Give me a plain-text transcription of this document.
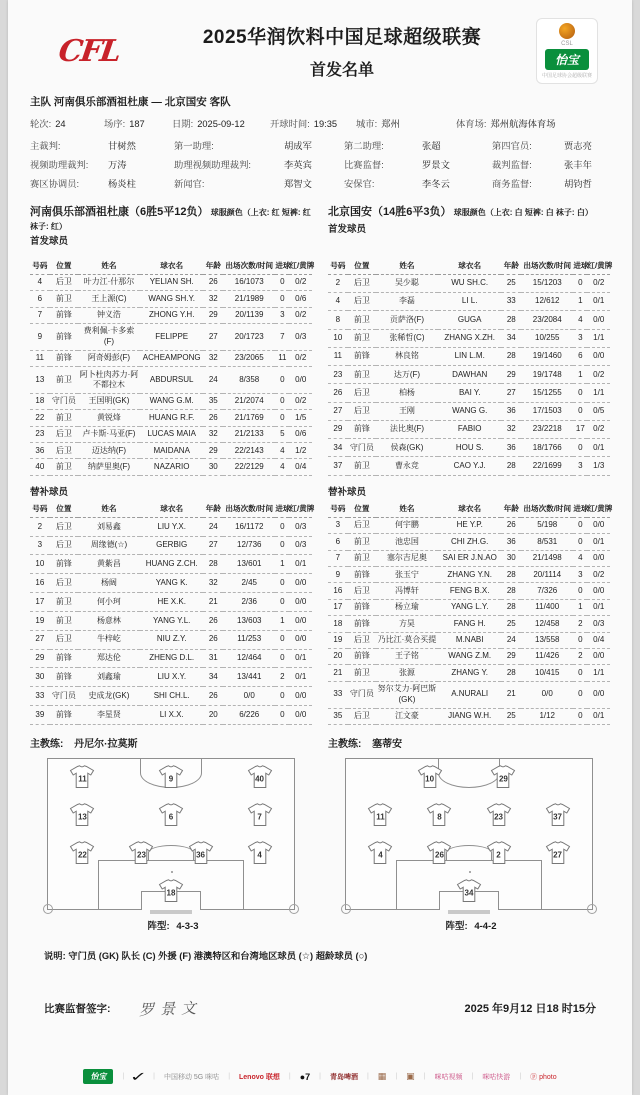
CFL	2025华润饮料中国足球超级联赛
首发名单
CSL
怡宝
中国足球协会超级联赛
主队 河南俱乐部酒祖杜康 — 北京国安 客队
轮次: 24	场序: 187	日期: 2025-09-12	开球时间: 19:35	城市: 郑州	体育场: 郑州航海体育场
主裁判:	甘树然	第一助理:	胡成军	第二助理:	张超	第四官员:	贾志亮
视频助理裁判:	万涛	助理视频助理裁判:	李英宾	比赛监督:	罗景文	裁判监督:	张丰年
赛区协调员:	杨炎柱	新闻官:	郑智文	安保官:	李冬云	商务监督:	胡钧哲
河南俱乐部酒祖杜康（6胜5平12负） 球服颜色（上衣: 红 短裤: 红 袜子: 红）
首发球员
北京国安（14胜6平3负） 球服颜色（上衣: 白 短裤: 白 袜子: 白）
首发球员
号码	位置	姓名	球衣名	年龄	出场次数/时间	进球	红/黄牌
4	后卫	叶力江·什那尔	YELIAN SH.	26	16/1073	0	0/2
6	前卫	王上源(C)	WANG SH.Y.	32	21/1989	0	0/6
7	前锋	钟义浩	ZHONG Y.H.	29	20/1139	3	0/2
9	前锋	费利佩·卡多索(F)	FELIPPE	27	20/1723	7	0/3
11	前锋	阿奇姆彭(F)	ACHEAMPONG	32	23/2065	11	0/2
13	前卫	阿卜杜肉苏力·阿不都拉木	ABDURSUL	24	8/358	0	0/0
18	守门员	王国明(GK)	WANG G.M.	35	21/2074	0	0/2
22	前卫	黄锐烽	HUANG R.F.	26	21/1769	0	1/5
23	后卫	卢卡斯·马亚(F)	LUCAS MAIA	32	21/2133	5	0/6
36	后卫	迈达纳(F)	MAIDANA	29	22/2143	4	1/2
40	前卫	纳萨里奥(F)	NAZARIO	30	22/2129	4	0/4
号码	位置	姓名	球衣名	年龄	出场次数/时间	进球	红/黄牌
2	后卫	吴少聪	WU SH.C.	25	15/1203	0	0/2
4	后卫	李磊	LI L.	33	12/612	1	0/1
8	前卫	贡萨洛(F)	GUGA	28	23/2084	4	0/0
10	前卫	张稀哲(C)	ZHANG X.ZH.	34	10/255	3	1/1
11	前锋	林良铭	LIN L.M.	28	19/1460	6	0/0
23	前卫	达万(F)	DAWHAN	29	19/1748	1	0/2
26	后卫	柏杨	BAI Y.	27	15/1255	0	1/1
27	后卫	王刚	WANG G.	36	17/1503	0	0/5
29	前锋	法比奥(F)	FABIO	32	23/2218	17	0/2
34	守门员	侯森(GK)	HOU S.	36	18/1766	0	0/1
37	前卫	曹永竞	CAO Y.J.	28	22/1699	3	1/3
替补球员	替补球员
号码	位置	姓名	球衣名	年龄	出场次数/时间	进球	红/黄牌
2	后卫	刘易鑫	LIU Y.X.	24	16/1172	0	0/3
3	后卫	周缘德(☆)	GERBIG	27	12/736	0	0/3
10	前锋	黄紫昌	HUANG Z.CH.	28	13/601	1	0/1
16	后卫	杨阔	YANG K.	32	2/45	0	0/0
17	前卫	何小珂	HE X.K.	21	2/36	0	0/0
19	前卫	杨意林	YANG Y.L.	26	13/603	1	0/0
27	后卫	牛梓屹	NIU Z.Y.	26	11/253	0	0/0
29	前锋	郑达伦	ZHENG D.L.	31	12/464	0	0/1
30	前锋	刘鑫瑜	LIU X.Y.	34	13/441	2	0/1
33	守门员	史成龙(GK)	SHI CH.L.	26	0/0	0	0/0
39	前锋	李星贤	LI X.X.	20	6/226	0	0/0
号码	位置	姓名	球衣名	年龄	出场次数/时间	进球	红/黄牌
3	后卫	何宇鹏	HE Y.P.	26	5/198	0	0/0
6	前卫	池忠国	CHI ZH.G.	36	8/531	0	0/1
7	前卫	塞尔吉尼奥	SAI ER J.N.AO	30	21/1498	4	0/0
9	前锋	张玉宁	ZHANG Y.N.	28	20/1114	3	0/2
16	后卫	冯博轩	FENG B.X.	28	7/326	0	0/0
17	前锋	杨立瑜	YANG L.Y.	28	11/400	1	0/1
18	前锋	方昊	FANG H.	25	12/458	2	0/3
19	后卫	乃比江·莫合买提	M.NABI	24	13/558	0	0/4
20	前锋	王子铭	WANG Z.M.	29	11/426	2	0/0
21	前卫	张源	ZHANG Y.	28	10/415	0	1/1
33	守门员	努尔艾力·阿巴斯(GK)	A.NURALI	21	0/0	0	0/0
35	后卫	江文豪	JIANG W.H.	25	1/12	0	0/1
主教练: 丹尼尔·拉莫斯	主教练: 塞蒂安
11	9	40
13	6	7
22	23	36	4
18
阵型: 4-3-3
10	29
11	8	23	37
4	26	2	27
34
阵型: 4-4-2
说明: 守门员 (GK) 队长 (C) 外援 (F) 港澳特区和台湾地区球员 (☆) 超龄球员 (○)
比赛监督签字: 罗景文	2025 年9月12 日18 时15分
怡宝	| ✓ | 中国移动 5G 咪咕 | Lenovo 联想 | ●7 | 青岛啤酒 | ▦ | ▣ | 咪咕视频 | 咪咕快游 | ⓟ photo
